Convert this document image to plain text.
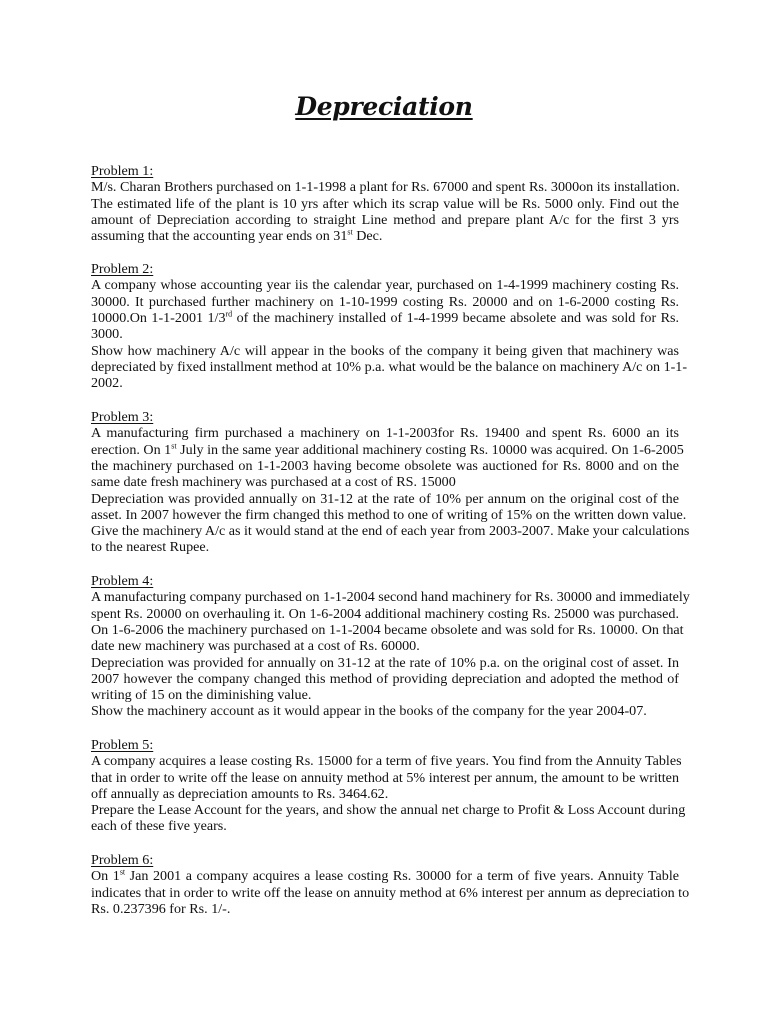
Depreciation
Problem 1:
M/s. Charan Brothers purchased on 1-1-1998 a plant for Rs. 67000 and spent Rs. 3000on its installation.
The estimated life of the plant is 10 yrs after which its scrap value will be Rs. 5000 only. Find out the
amount of Depreciation according to straight Line method and prepare plant A/c for the first 3 yrs
assuming that the accounting year ends on 31st Dec.
Problem 2:
A company whose accounting year iis the calendar year, purchased on 1-4-1999 machinery costing Rs.
30000. It purchased further machinery on 1-10-1999 costing Rs. 20000 and on 1-6-2000 costing Rs.
10000.On 1-1-2001 1/3rd of the machinery installed of 1-4-1999 became absolete and was sold for Rs.
3000.
Show how machinery A/c will appear in the books of the company it being given that machinery was
depreciated by fixed installment method at 10% p.a. what would be the balance on machinery A/c on 1-1-
2002.
Problem 3:
A manufacturing firm purchased a machinery on 1-1-2003for Rs. 19400 and spent Rs. 6000 an its
erection. On 1st July in the same year additional machinery costing Rs. 10000 was acquired. On 1-6-2005
the machinery purchased on 1-1-2003 having become obsolete was auctioned for Rs. 8000 and on the
same date fresh machinery was purchased at a cost of RS. 15000
Depreciation was provided annually on 31-12 at the rate of 10% per annum on the original cost of the
asset. In 2007 however the firm changed this method to one of writing of 15% on the written down value.
Give the machinery A/c as it would stand at the end of each year from 2003-2007. Make your calculations
to the nearest Rupee.
Problem 4:
A manufacturing company purchased on 1-1-2004 second hand machinery for Rs. 30000 and immediately
spent Rs. 20000 on overhauling it. On 1-6-2004 additional machinery costing Rs. 25000 was purchased.
On 1-6-2006 the machinery purchased on 1-1-2004 became obsolete and was sold for Rs. 10000. On that
date new machinery was purchased at a cost of Rs. 60000.
Depreciation was provided for annually on 31-12 at the rate of 10% p.a. on the original cost of asset. In
2007 however the company changed this method of providing depreciation and adopted the method of
writing of 15 on the diminishing value.
Show the machinery account as it would appear in the books of the company for the year 2004-07.
Problem 5:
A company acquires a lease costing Rs. 15000 for a term of five years. You find from the Annuity Tables
that in order to write off the lease on annuity method at 5% interest per annum, the amount to be written
off annually as depreciation amounts to Rs. 3464.62.
Prepare the Lease Account for the years, and show the annual net charge to Profit & Loss Account during
each of these five years.
Problem 6:
On 1st Jan 2001 a company acquires a lease costing Rs. 30000 for a term of five years. Annuity Table
indicates that in order to write off the lease on annuity method at 6% interest per annum as depreciation to
Rs. 0.237396 for Rs. 1/-.
